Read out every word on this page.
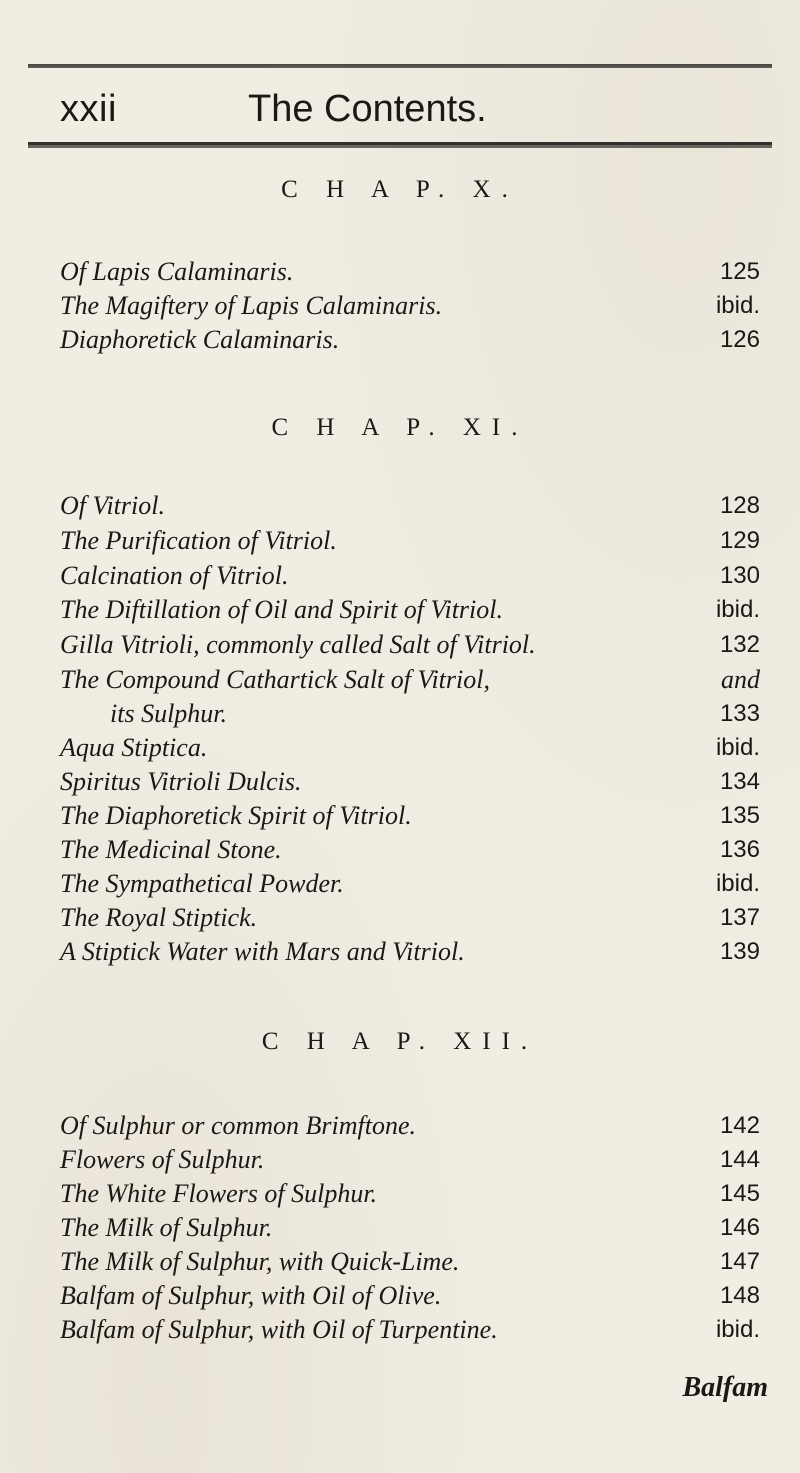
xxii	The Contents.
C H A P. X.
Of Lapis Calaminaris.	125
The Magiftery of Lapis Calaminaris.	ibid.
Diaphoretick Calaminaris.	126
C H A P. XI.
Of Vitriol.	128
The Purification of Vitriol.	129
Calcination of Vitriol.	130
The Diftillation of Oil and Spirit of Vitriol.	ibid.
Gilla Vitrioli, commonly called Salt of Vitriol.	132
The Compound Cathartick Salt of Vitriol,	and
its Sulphur.	133
Aqua Stiptica.	ibid.
Spiritus Vitrioli Dulcis.	134
The Diaphoretick Spirit of Vitriol.	135
The Medicinal Stone.	136
The Sympathetical Powder.	ibid.
The Royal Stiptick.	137
A Stiptick Water with Mars and Vitriol.	139
C H A P. XII.
Of Sulphur or common Brimftone.	142
Flowers of Sulphur.	144
The White Flowers of Sulphur.	145
The Milk of Sulphur.	146
The Milk of Sulphur, with Quick-Lime.	147
Balfam of Sulphur, with Oil of Olive.	148
Balfam of Sulphur, with Oil of Turpentine.	ibid.
Balfam
